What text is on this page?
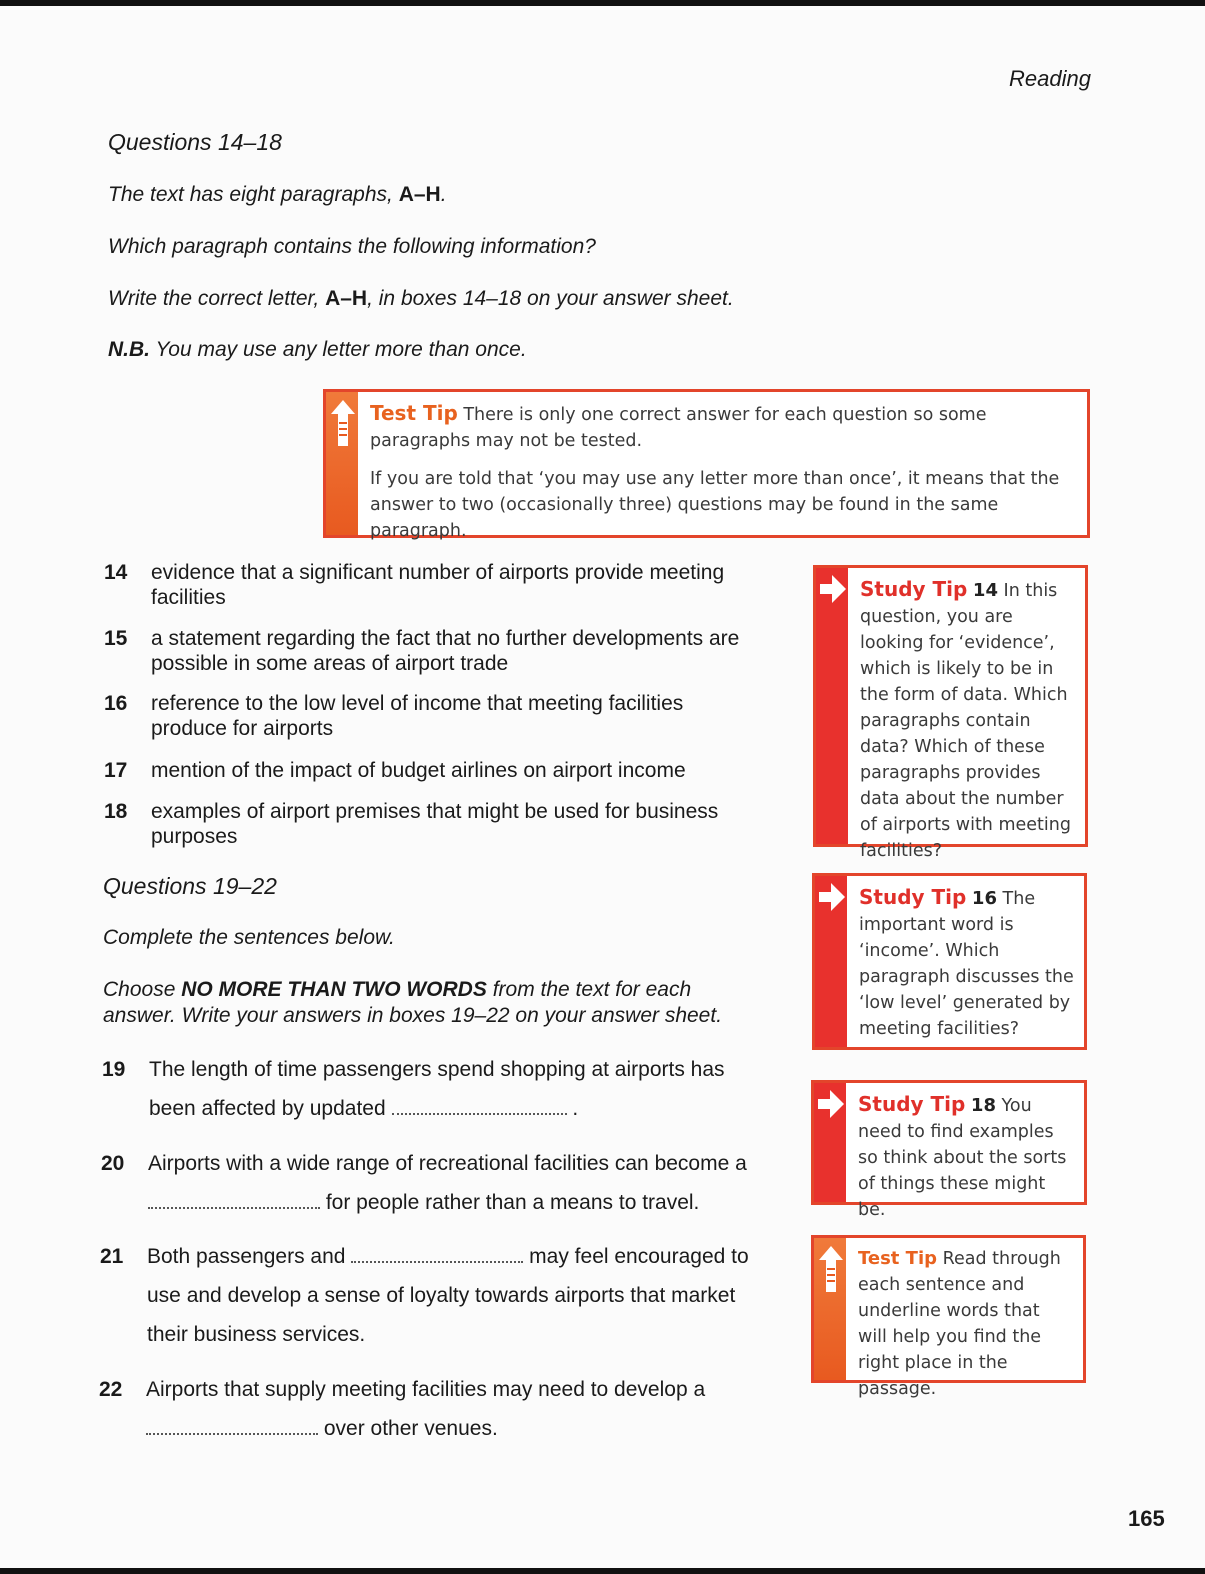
Reading
Questions 14–18
The text has eight paragraphs, A–H.
Which paragraph contains the following information?
Write the correct letter, A–H, in boxes 14–18 on your answer sheet.
N.B. You may use any letter more than once.
Test Tip There is only one correct answer for each question so some paragraphs may not be tested.
If you are told that ‘you may use any letter more than once’, it means that the answer to two (occasionally three) questions may be found in the same paragraph.
14 evidence that a significant number of airports provide meeting facilities
15 a statement regarding the fact that no further developments are possible in some areas of airport trade
16 reference to the low level of income that meeting facilities produce for airports
17 mention of the impact of budget airlines on airport income
18 examples of airport premises that might be used for business purposes
Questions 19–22
Complete the sentences below.
Choose NO MORE THAN TWO WORDS from the text for each answer. Write your answers in boxes 19–22 on your answer sheet.
19 The length of time passengers spend shopping at airports has been affected by updated	.
20 Airports with a wide range of recreational facilities can become a  for people rather than a means to travel.
21 Both passengers and	may feel encouraged to use and develop a sense of loyalty towards airports that market their business services.
22 Airports that supply meeting facilities may need to develop a  over other venues.
Study Tip 14 In this question, you are looking for ‘evidence’, which is likely to be in the form of data. Which paragraphs contain data? Which of these paragraphs provides data about the number of airports with meeting facilities?
Study Tip 16 The important word is ‘income’. Which paragraph discusses the ‘low level’ generated by meeting facilities?
Study Tip 18 You need to find examples so think about the sorts of things these might be.
Test Tip Read through each sentence and underline words that will help you find the right place in the passage.
165
